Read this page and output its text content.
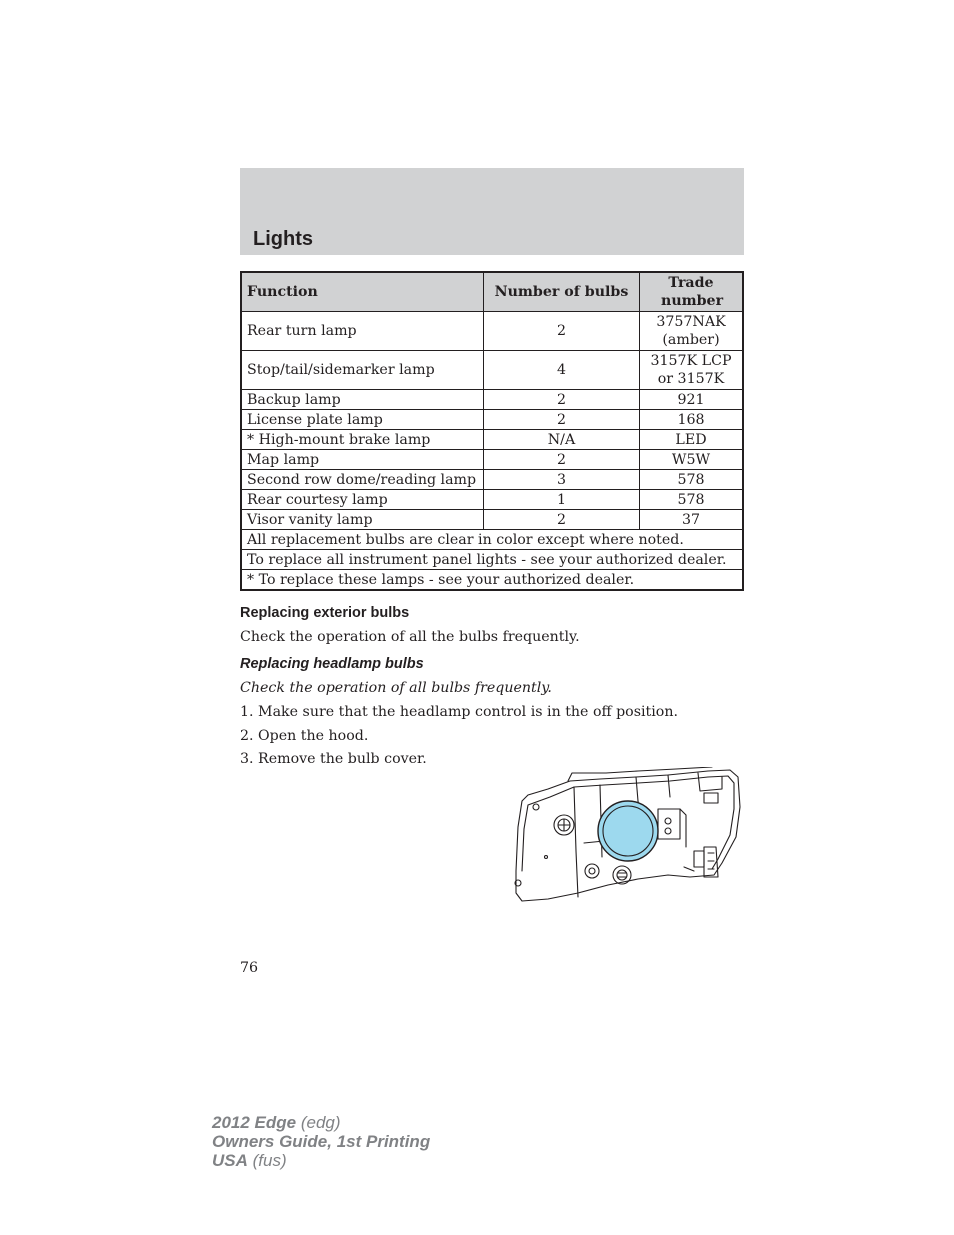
Lights
Function	Number of bulbs	Trade number
Rear turn lamp	2	3757NAK
(amber)
Stop/tail/sidemarker lamp	4	3157K LCP
or 3157K
Backup lamp	2	921
License plate lamp	2	168
* High-mount brake lamp	N/A	LED
Map lamp	2	W5W
Second row dome/reading lamp	3	578
Rear courtesy lamp	1	578
Visor vanity lamp	2	37
All replacement bulbs are clear in color except where noted.		
To replace all instrument panel lights - see your authorized dealer.		
* To replace these lamps - see your authorized dealer.		
Replacing exterior bulbs
Check the operation of all the bulbs frequently.
Replacing headlamp bulbs
Check the operation of all bulbs frequently.
1. Make sure that the headlamp control is in the off position.
2. Open the hood.
3. Remove the bulb cover.
76
2012 Edge (edg)
Owners Guide, 1st Printing
USA (fus)
